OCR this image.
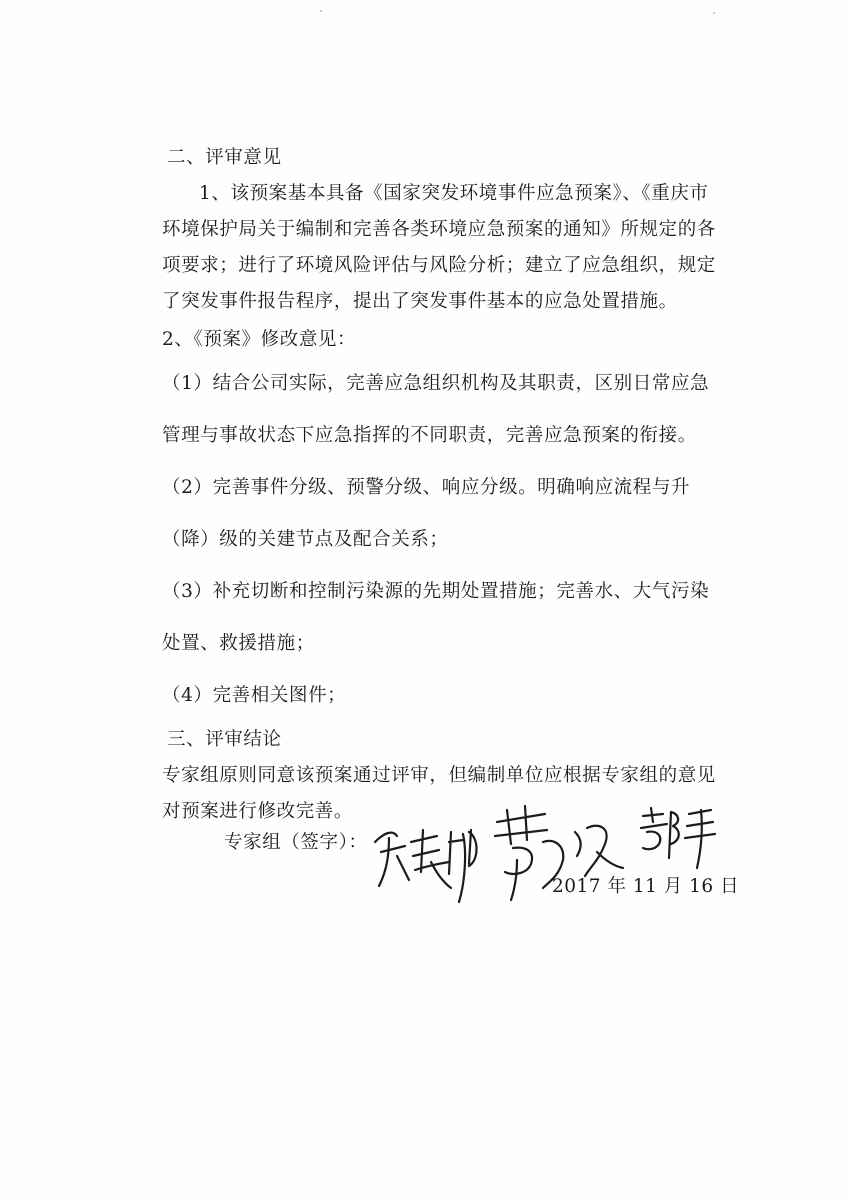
二、评审意见

1、该预案基本具备《国家突发环境事件应急预案》、《重庆市环境保护局关于编制和完善各类环境应急预案的通知》所规定的各项要求；进行了环境风险评估与风险分析；建立了应急组织，规定了突发事件报告程序，提出了突发事件基本的应急处置措施。

2、《预案》修改意见：

（1）结合公司实际，完善应急组织机构及其职责，区别日常应急管理与事故状态下应急指挥的不同职责，完善应急预案的衔接。

（2）完善事件分级、预警分级、响应分级。明确响应流程与升（降）级的关建节点及配合关系；

（3）补充切断和控制污染源的先期处置措施；完善水、大气污染处置、救援措施；

（4）完善相关图件；

三、评审结论

专家组原则同意该预案通过评审，但编制单位应根据专家组的意见对预案进行修改完善。

专家组（签字）：
2017 年 11 月 16 日
